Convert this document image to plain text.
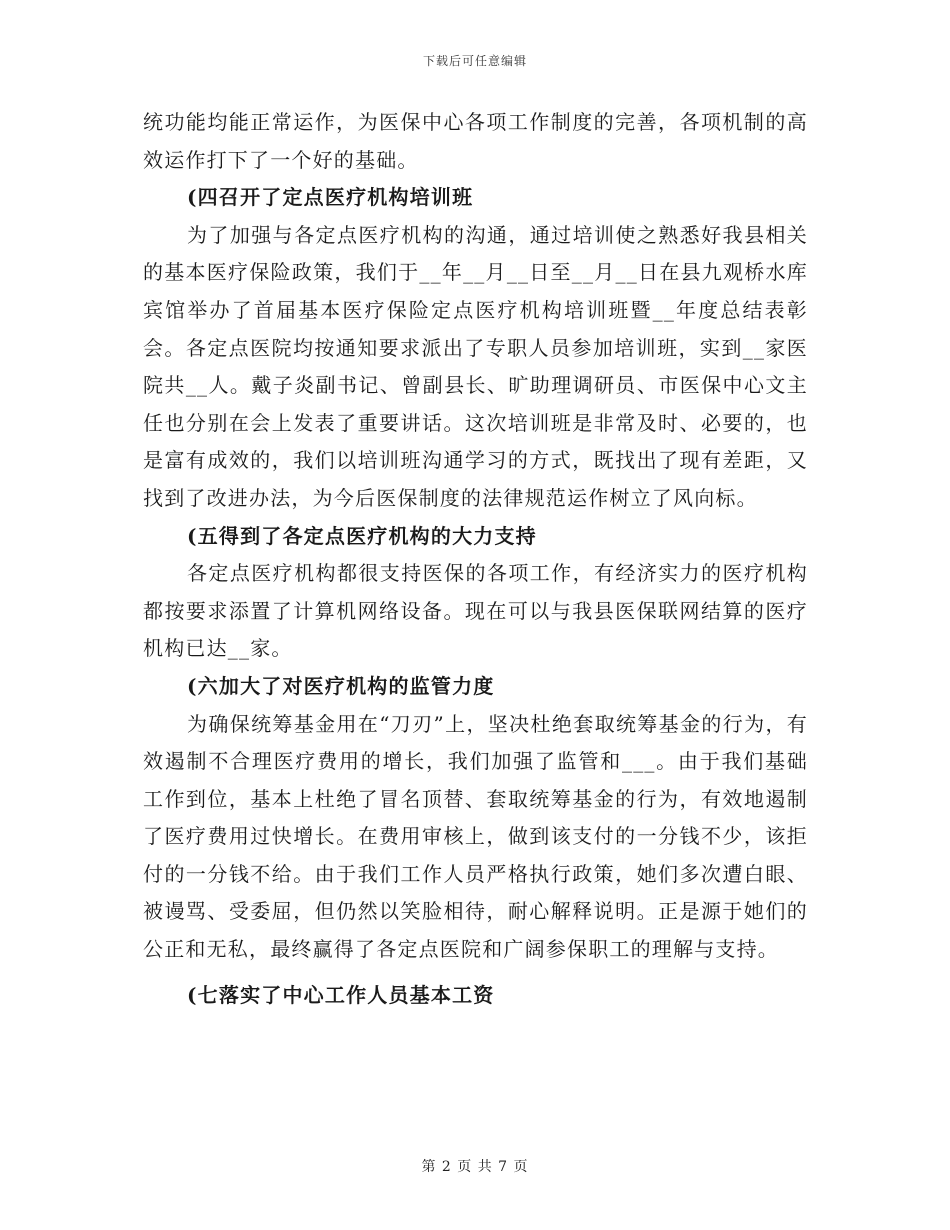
下载后可任意编辑

统功能均能正常运作，为医保中心各项工作制度的完善，各项机制的高效运作打下了一个好的基础。

(四召开了定点医疗机构培训班

为了加强与各定点医疗机构的沟通，通过培训使之熟悉好我县相关的基本医疗保险政策，我们于__年__月__日至__月__日在县九观桥水库宾馆举办了首届基本医疗保险定点医疗机构培训班暨__年度总结表彰会。各定点医院均按通知要求派出了专职人员参加培训班，实到__家医院共__人。戴子炎副书记、曾副县长、旷助理调研员、市医保中心文主任也分别在会上发表了重要讲话。这次培训班是非常及时、必要的，也是富有成效的，我们以培训班沟通学习的方式，既找出了现有差距，又找到了改进办法，为今后医保制度的法律规范运作树立了风向标。

(五得到了各定点医疗机构的大力支持

各定点医疗机构都很支持医保的各项工作，有经济实力的医疗机构都按要求添置了计算机网络设备。现在可以与我县医保联网结算的医疗机构已达__家。

(六加大了对医疗机构的监管力度

为确保统筹基金用在“刀刃”上，坚决杜绝套取统筹基金的行为，有效遏制不合理医疗费用的增长，我们加强了监管和___。由于我们基础工作到位，基本上杜绝了冒名顶替、套取统筹基金的行为，有效地遏制了医疗费用过快增长。在费用审核上，做到该支付的一分钱不少，该拒付的一分钱不给。由于我们工作人员严格执行政策，她们多次遭白眼、被谩骂、受委屈，但仍然以笑脸相待，耐心解释说明。正是源于她们的公正和无私，最终赢得了各定点医院和广阔参保职工的理解与支持。

(七落实了中心工作人员基本工资

第 2 页 共 7 页
